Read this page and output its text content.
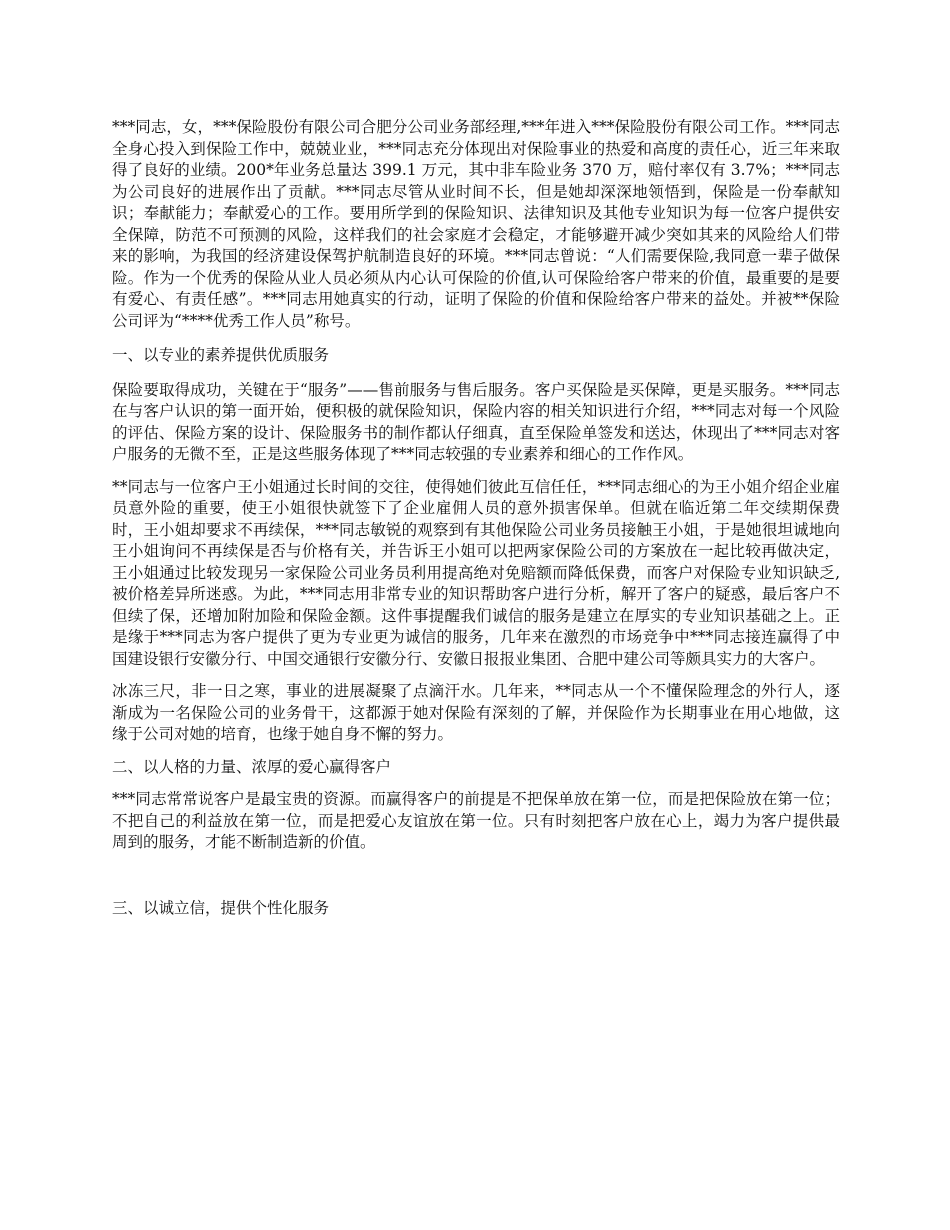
***同志，女，***保险股份有限公司合肥分公司业务部经理,***年进入***保险股份有限公司工作。***同志全身心投入到保险工作中，兢兢业业，***同志充分体现出对保险事业的热爱和高度的责任心，近三年来取得了良好的业绩。200*年业务总量达 399.1 万元，其中非车险业务 370 万，赔付率仅有 3.7%；***同志为公司良好的进展作出了贡献。***同志尽管从业时间不长，但是她却深深地领悟到，保险是一份奉献知识；奉献能力；奉献爱心的工作。要用所学到的保险知识、法律知识及其他专业知识为每一位客户提供安全保障，防范不可预测的风险，这样我们的社会家庭才会稳定，才能够避开减少突如其来的风险给人们带来的影响，为我国的经济建设保驾护航制造良好的环境。***同志曾说：“人们需要保险,我同意一辈子做保险。作为一个优秀的保险从业人员必须从内心认可保险的价值,认可保险给客户带来的价值，最重要的是要有爱心、有责任感”。***同志用她真实的行动，证明了保险的价值和保险给客户带来的益处。并被**保险公司评为“****优秀工作人员”称号。

一、以专业的素养提供优质服务

保险要取得成功，关键在于“服务”——售前服务与售后服务。客户买保险是买保障，更是买服务。***同志在与客户认识的第一面开始，便积极的就保险知识，保险内容的相关知识进行介绍，***同志对每一个风险的评估、保险方案的设计、保险服务书的制作都认仔细真，直至保险单签发和送达，休现出了***同志对客户服务的无微不至，正是这些服务体现了***同志较强的专业素养和细心的工作作风。

**同志与一位客户王小姐通过长时间的交往，使得她们彼此互信任任，***同志细心的为王小姐介绍企业雇员意外险的重要，使王小姐很快就签下了企业雇佣人员的意外损害保单。但就在临近第二年交续期保费时，王小姐却要求不再续保，***同志敏锐的观察到有其他保险公司业务员接触王小姐，于是她很坦诚地向王小姐询问不再续保是否与价格有关，并告诉王小姐可以把两家保险公司的方案放在一起比较再做决定，王小姐通过比较发现另一家保险公司业务员利用提高绝对免赔额而降低保费，而客户对保险专业知识缺乏,被价格差异所迷惑。为此，***同志用非常专业的知识帮助客户进行分析，解开了客户的疑惑，最后客户不但续了保，还增加附加险和保险金额。这件事提醒我们诚信的服务是建立在厚实的专业知识基础之上。正是缘于***同志为客户提供了更为专业更为诚信的服务，几年来在激烈的市场竞争中***同志接连赢得了中国建设银行安徽分行、中国交通银行安徽分行、安徽日报报业集团、合肥中建公司等颇具实力的大客户。

冰冻三尺，非一日之寒，事业的进展凝聚了点滴汗水。几年来，**同志从一个不懂保险理念的外行人，逐渐成为一名保险公司的业务骨干，这都源于她对保险有深刻的了解，并保险作为长期事业在用心地做，这缘于公司对她的培育，也缘于她自身不懈的努力。

二、以人格的力量、浓厚的爱心赢得客户

***同志常常说客户是最宝贵的资源。而赢得客户的前提是不把保单放在第一位，而是把保险放在第一位；不把自己的利益放在第一位，而是把爱心友谊放在第一位。只有时刻把客户放在心上，竭力为客户提供最周到的服务，才能不断制造新的价值。

三、以诚立信，提供个性化服务
